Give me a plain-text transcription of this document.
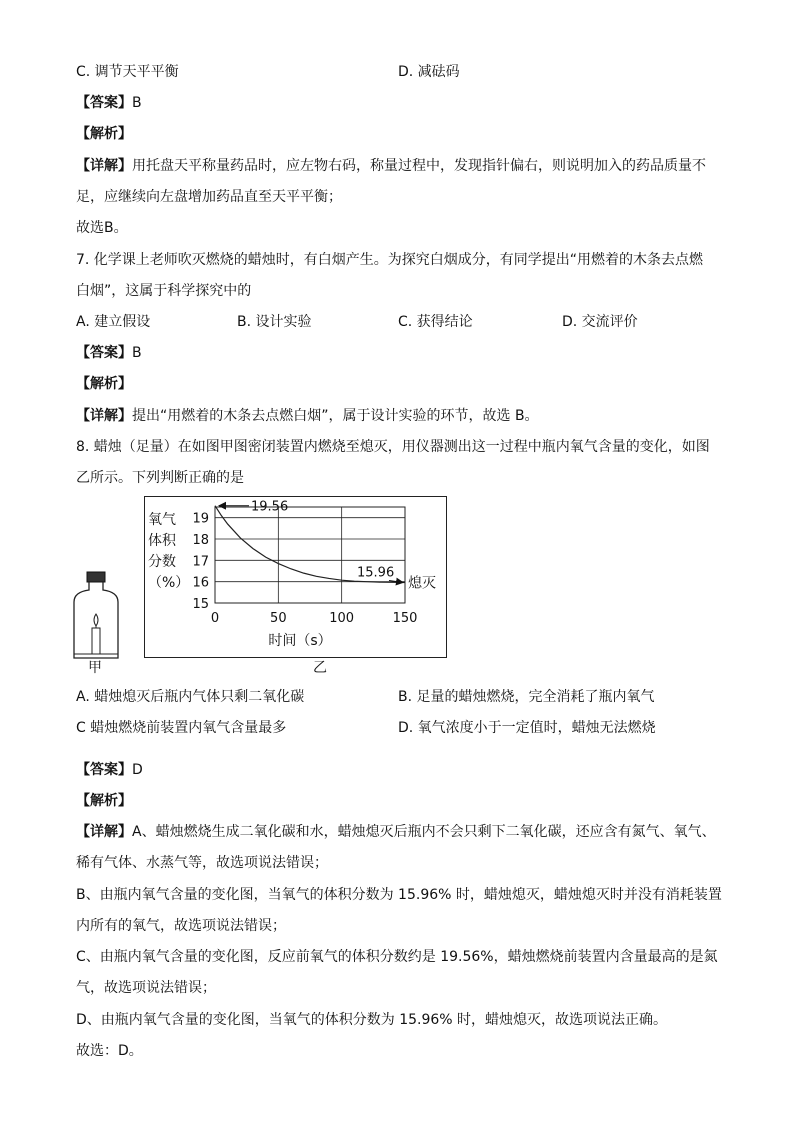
C. 调节天平平衡	D. 减砝码
【答案】B
【解析】
【详解】用托盘天平称量药品时，应左物右码，称量过程中，发现指针偏右，则说明加入的药品质量不
足，应继续向左盘增加药品直至天平平衡；
故选B。
7. 化学课上老师吹灭燃烧的蜡烛时，有白烟产生。为探究白烟成分，有同学提出“用燃着的木条去点燃
白烟”，这属于科学探究中的
A. 建立假设	B. 设计实验	C. 获得结论	D. 交流评价
【答案】B
【解析】
【详解】提出“用燃着的木条去点燃白烟”，属于设计实验的环节，故选 B。
8. 蜡烛（足量）在如图甲图密闭装置内燃烧至熄灭，用仪器测出这一过程中瓶内氧气含量的变化，如图
乙所示。下列判断正确的是
甲
15
16
17
18
19
0	50	100	150
氧气
体积
分数
（%）
时间（s）
19.56
15.96
熄灭
乙
A. 蜡烛熄灭后瓶内气体只剩二氧化碳	B. 足量的蜡烛燃烧，完全消耗了瓶内氧气
C 蜡烛燃烧前装置内氧气含量最多	D. 氧气浓度小于一定值时，蜡烛无法燃烧
【答案】D
【解析】
【详解】A、蜡烛燃烧生成二氧化碳和水，蜡烛熄灭后瓶内不会只剩下二氧化碳，还应含有氮气、氧气、
稀有气体、水蒸气等，故选项说法错误；
B、由瓶内氧气含量的变化图，当氧气的体积分数为 15.96% 时，蜡烛熄灭，蜡烛熄灭时并没有消耗装置
内所有的氧气，故选项说法错误；
C、由瓶内氧气含量的变化图，反应前氧气的体积分数约是 19.56%，蜡烛燃烧前装置内含量最高的是氮
气，故选项说法错误；
D、由瓶内氧气含量的变化图，当氧气的体积分数为 15.96% 时，蜡烛熄灭，故选项说法正确。
故选：D。
